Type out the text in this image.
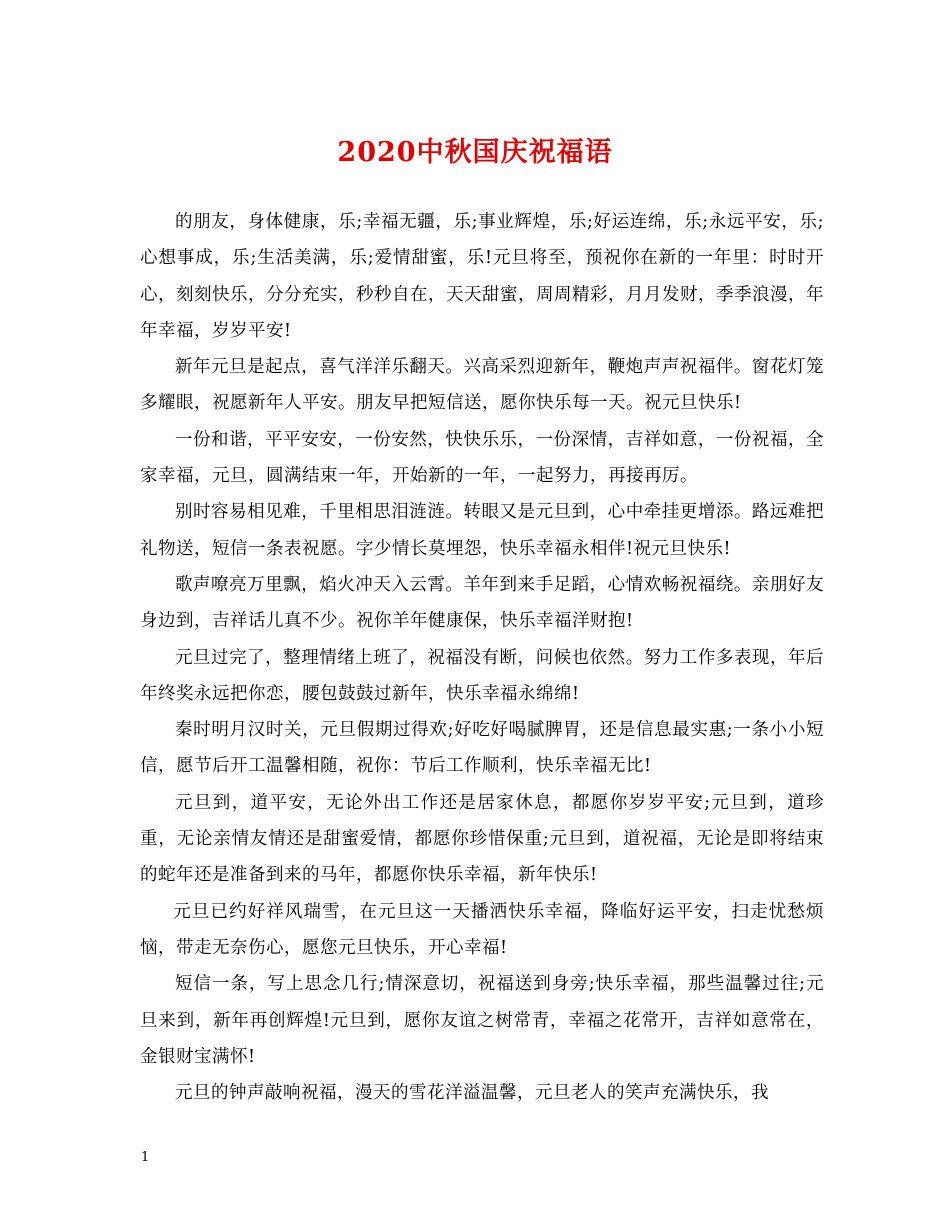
2020中秋国庆祝福语

的朋友，身体健康，乐;幸福无疆，乐;事业辉煌，乐;好运连绵，乐;永远平安，乐;心想事成，乐;生活美满，乐;爱情甜蜜，乐!元旦将至，预祝你在新的一年里：时时开心，刻刻快乐，分分充实，秒秒自在，天天甜蜜，周周精彩，月月发财，季季浪漫，年年幸福，岁岁平安!

新年元旦是起点，喜气洋洋乐翻天。兴高采烈迎新年，鞭炮声声祝福伴。窗花灯笼多耀眼，祝愿新年人平安。朋友早把短信送，愿你快乐每一天。祝元旦快乐!

一份和谐，平平安安，一份安然，快快乐乐，一份深情，吉祥如意，一份祝福，全家幸福，元旦，圆满结束一年，开始新的一年，一起努力，再接再厉。

别时容易相见难，千里相思泪涟涟。转眼又是元旦到，心中牵挂更增添。路远难把礼物送，短信一条表祝愿。字少情长莫埋怨，快乐幸福永相伴!祝元旦快乐!

歌声嘹亮万里飘，焰火冲天入云霄。羊年到来手足蹈，心情欢畅祝福绕。亲朋好友身边到，吉祥话儿真不少。祝你羊年健康保，快乐幸福洋财抱!

元旦过完了，整理情绪上班了，祝福没有断，问候也依然。努力工作多表现，年后年终奖永远把你恋，腰包鼓鼓过新年，快乐幸福永绵绵!

秦时明月汉时关，元旦假期过得欢;好吃好喝腻脾胃，还是信息最实惠;一条小小短信，愿节后开工温馨相随，祝你：节后工作顺利，快乐幸福无比!

元旦到，道平安，无论外出工作还是居家休息，都愿你岁岁平安;元旦到，道珍重，无论亲情友情还是甜蜜爱情，都愿你珍惜保重;元旦到，道祝福，无论是即将结束的蛇年还是准备到来的马年，都愿你快乐幸福，新年快乐!

元旦已约好祥风瑞雪，在元旦这一天播洒快乐幸福，降临好运平安，扫走忧愁烦恼，带走无奈伤心，愿您元旦快乐，开心幸福!

短信一条，写上思念几行;情深意切，祝福送到身旁;快乐幸福，那些温馨过往;元旦来到，新年再创辉煌!元旦到，愿你友谊之树常青，幸福之花常开，吉祥如意常在，金银财宝满怀!

元旦的钟声敲响祝福，漫天的雪花洋溢温馨，元旦老人的笑声充满快乐，我

1
